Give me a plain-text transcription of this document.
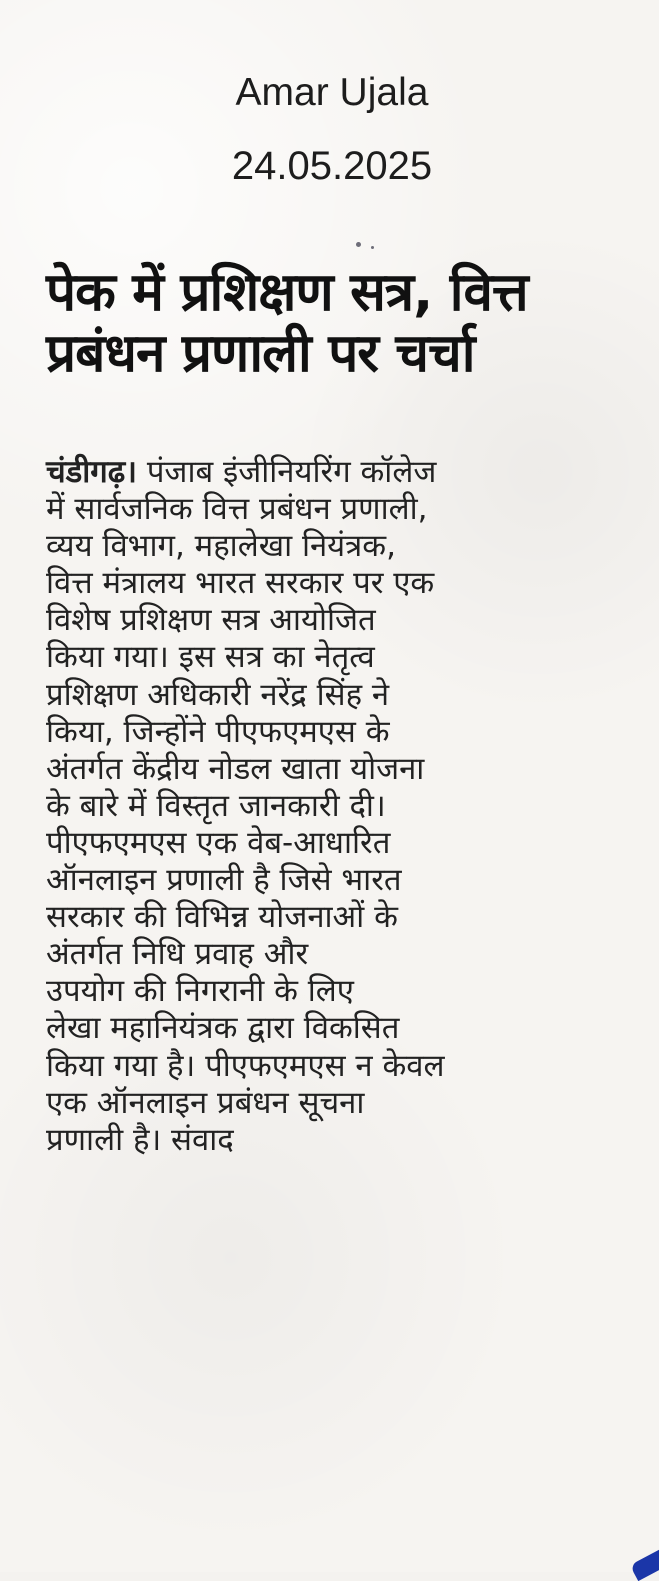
Amar Ujala
24.05.2025
पेक में प्रशिक्षण सत्र, वित्त
प्रबंधन प्रणाली पर चर्चा
चंडीगढ़। पंजाब इंजीनियरिंग कॉलेज
में सार्वजनिक वित्त प्रबंधन प्रणाली,
व्यय विभाग, महालेखा नियंत्रक,
वित्त मंत्रालय भारत सरकार पर एक
विशेष प्रशिक्षण सत्र आयोजित
किया गया। इस सत्र का नेतृत्व
प्रशिक्षण अधिकारी नरेंद्र सिंह ने
किया, जिन्होंने पीएफएमएस के
अंतर्गत केंद्रीय नोडल खाता योजना
के बारे में विस्तृत जानकारी दी।
पीएफएमएस एक वेब-आधारित
ऑनलाइन प्रणाली है जिसे भारत
सरकार की विभिन्न योजनाओं के
अंतर्गत निधि प्रवाह और
उपयोग की निगरानी के लिए
लेखा महानियंत्रक द्वारा विकसित
किया गया है। पीएफएमएस न केवल
एक ऑनलाइन प्रबंधन सूचना
प्रणाली है। संवाद
